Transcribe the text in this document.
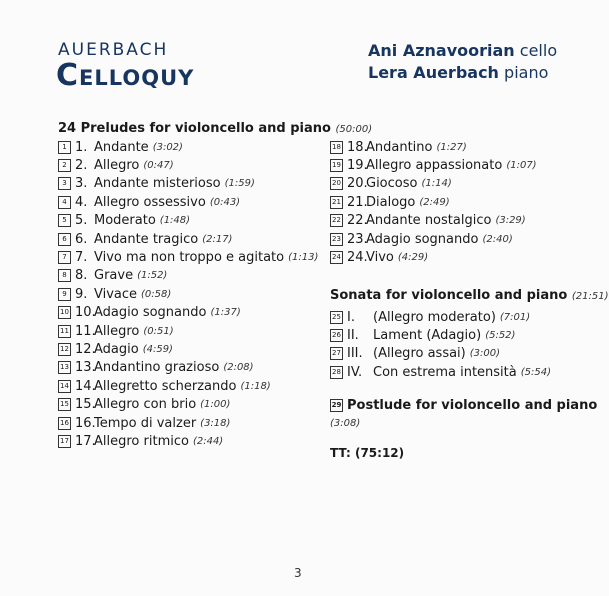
AUERBACH
Celloquy
Ani Aznavoorian cello
Lera Auerbach piano
24 Preludes for violoncello and piano (50:00)
1 1. Andante (3:02)
2 2. Allegro (0:47)
3 3. Andante misterioso (1:59)
4 4. Allegro ossessivo (0:43)
5 5. Moderato (1:48)
6 6. Andante tragico (2:17)
7 7. Vivo ma non troppo e agitato (1:13)
8 8. Grave (1:52)
9 9. Vivace (0:58)
10 10.
Adagio sognando (1:37)
11 11.
Allegro (0:51)
12 12.
Adagio (4:59)
13 13.
Andantino grazioso (2:08)
14 14.
Allegretto scherzando (1:18)
15 15.
Allegro con brio (1:00)
16 16.
Tempo di valzer (3:18)
17 17.
Allegro ritmico (2:44)
18 18.
Andantino (1:27)
19 19.
Allegro appassionato (1:07)
20 20.
Giocoso (1:14)
21 21.
Dialogo (2:49)
22 22.
Andante nostalgico (3:29)
23 23.
Adagio sognando (2:40)
24 24.
Vivo (4:29)
Sonata for violoncello and piano (21:51)
25 I.	(Allegro moderato) (7:01)
26 II.	Lament (Adagio) (5:52)
27 III. (Allegro assai) (3:00)
28 IV. Con estrema intensità (5:54)
29 Postlude for violoncello and piano
(3:08)
TT: (75:12)
3
